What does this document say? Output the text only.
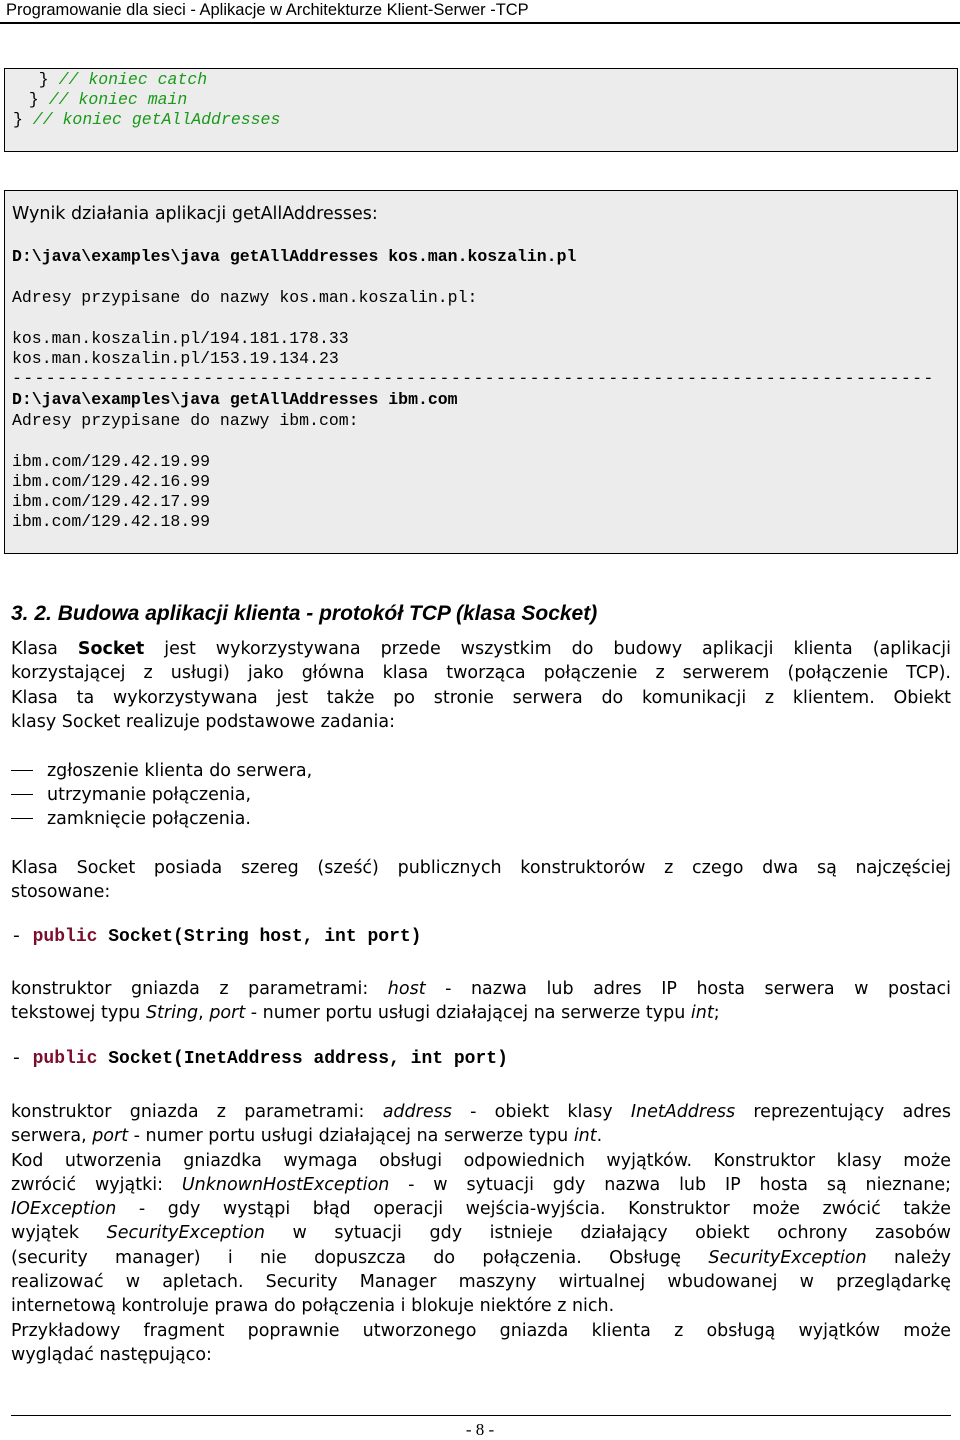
Programowanie dla sieci - Aplikacje w Architekturze Klient-Serwer -TCP

} // koniec catch

} // koniec main

} // koniec getAllAddresses

Wynik działania aplikacji getAllAddresses:
D:\java\examples\java getAllAddresses kos.man.koszalin.pl
Adresy przypisane do nazwy kos.man.koszalin.pl:
kos.man.koszalin.pl/194.181.178.33
kos.man.koszalin.pl/153.19.134.23
----------------------------------------------------------------------------------
D:\java\examples\java getAllAddresses ibm.com
Adresy przypisane do nazwy ibm.com:
ibm.com/129.42.19.99
ibm.com/129.42.16.99
ibm.com/129.42.17.99
ibm.com/129.42.18.99
3. 2. Budowa aplikacji klienta - protokół TCP (klasa Socket)
Klasa Socket jest wykorzystywana przede wszystkim do budowy aplikacji klienta (aplikacji
korzystającej z usługi) jako główna klasa tworząca połączenie z serwerem (połączenie TCP).
Klasa ta wykorzystywana jest także po stronie serwera do komunikacji z klientem. Obiekt
klasy Socket realizuje podstawowe zadania:
zgłoszenie klienta do serwera,
utrzymanie połączenia,
zamknięcie połączenia.
Klasa Socket posiada szereg (sześć) publicznych konstruktorów z czego dwa są najczęściej
stosowane:
- public Socket(String host, int port)
konstruktor gniazda z parametrami: host - nazwa lub adres IP hosta serwera w postaci
tekstowej typu String, port - numer portu usługi działającej na serwerze typu int;
- public Socket(InetAddress address, int port)
konstruktor gniazda z parametrami: address - obiekt klasy InetAddress reprezentujący adres
serwera, port - numer portu usługi działającej na serwerze typu int.
Kod utworzenia gniazdka wymaga obsługi odpowiednich wyjątków. Konstruktor klasy może
zwrócić wyjątki: UnknownHostException - w sytuacji gdy nazwa lub IP hosta są nieznane;
IOException - gdy wystąpi błąd operacji wejścia-wyjścia. Konstruktor może zwócić także
wyjątek SecurityException w sytuacji gdy istnieje działający obiekt ochrony zasobów
(security manager) i nie dopuszcza do połączenia. Obsługę SecurityException należy
realizować w apletach. Security Manager maszyny wirtualnej wbudowanej w przeglądarkę
internetową kontroluje prawa do połączenia i blokuje niektóre z nich.
Przykładowy fragment poprawnie utworzonego gniazda klienta z obsługą wyjątków może
wyglądać następująco:
- 8 -
